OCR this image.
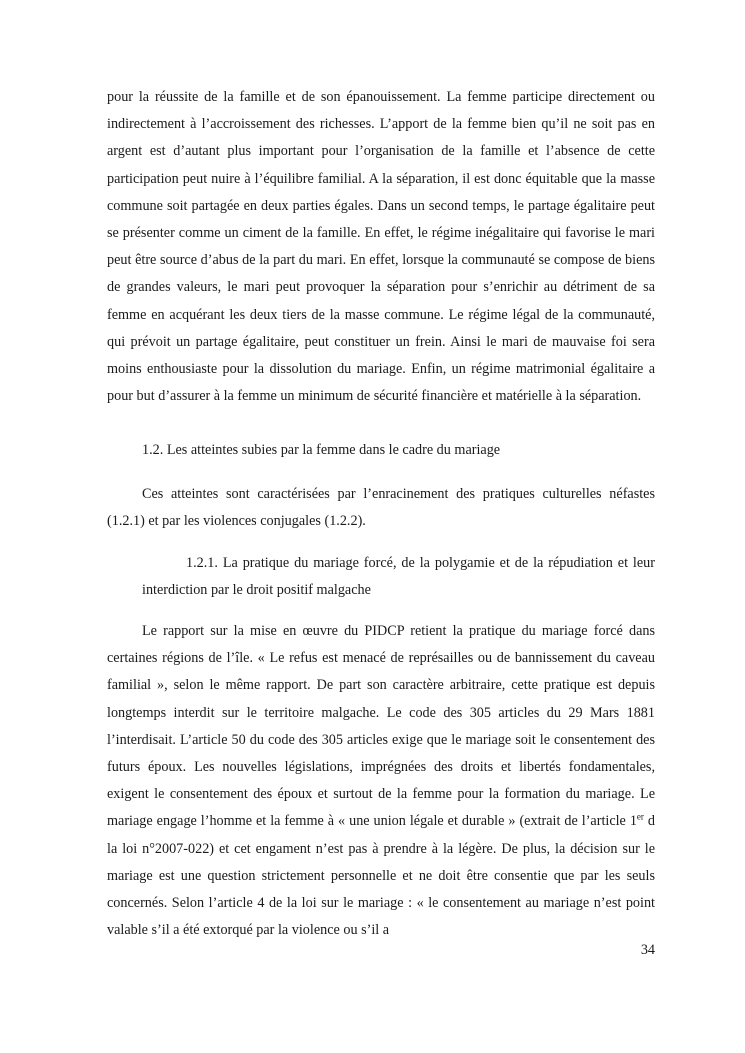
pour la réussite de la famille et de son épanouissement. La femme participe directement ou indirectement à l’accroissement des richesses. L’apport de la femme bien qu’il ne soit pas en argent est d’autant plus important pour l’organisation de la famille et l’absence de cette participation peut nuire à l’équilibre familial. A la séparation, il est donc équitable que la masse commune soit partagée en deux parties égales. Dans un second temps, le partage égalitaire peut se présenter comme un ciment de la famille. En effet, le régime inégalitaire qui favorise le mari peut être source d’abus de la part du mari. En effet, lorsque la communauté se compose de biens de grandes valeurs, le mari peut provoquer la séparation pour s’enrichir au détriment de sa femme en acquérant les deux tiers de la masse commune. Le régime légal de la communauté, qui prévoit un partage égalitaire, peut constituer un frein. Ainsi le mari de mauvaise foi sera moins enthousiaste pour la dissolution du mariage. Enfin, un régime matrimonial égalitaire a pour but d’assurer à la femme un minimum de sécurité financière et matérielle à la séparation.

1.2. Les atteintes subies par la femme dans le cadre du mariage

Ces atteintes sont caractérisées par l’enracinement des pratiques culturelles néfastes (1.2.1) et par les violences conjugales (1.2.2).

1.2.1. La pratique du mariage forcé, de la polygamie et de la répudiation et leur interdiction par le droit positif malgache

Le rapport sur la mise en œuvre du PIDCP retient la pratique du mariage forcé dans certaines régions de l’île. « Le refus est menacé de représailles ou de bannissement du caveau familial », selon le même rapport. De part son caractère arbitraire, cette pratique est depuis longtemps interdit sur le territoire malgache. Le code des 305 articles du 29 Mars 1881 l’interdisait. L’article 50 du code des 305 articles exige que le mariage soit le consentement des futurs époux. Les nouvelles législations, imprégnées des droits et libertés fondamentales, exigent le consentement des époux et surtout de la femme pour la formation du mariage. Le mariage engage l’homme et la femme à « une union légale et durable » (extrait de l’article 1er d la loi n°2007-022) et cet engament n’est pas à prendre à la légère. De plus, la décision sur le mariage est une question strictement personnelle et ne doit être consentie que par les seuls concernés. Selon l’article 4 de la loi sur le mariage : « le consentement au mariage n’est point valable s’il a été extorqué par la violence ou s’il a

34
